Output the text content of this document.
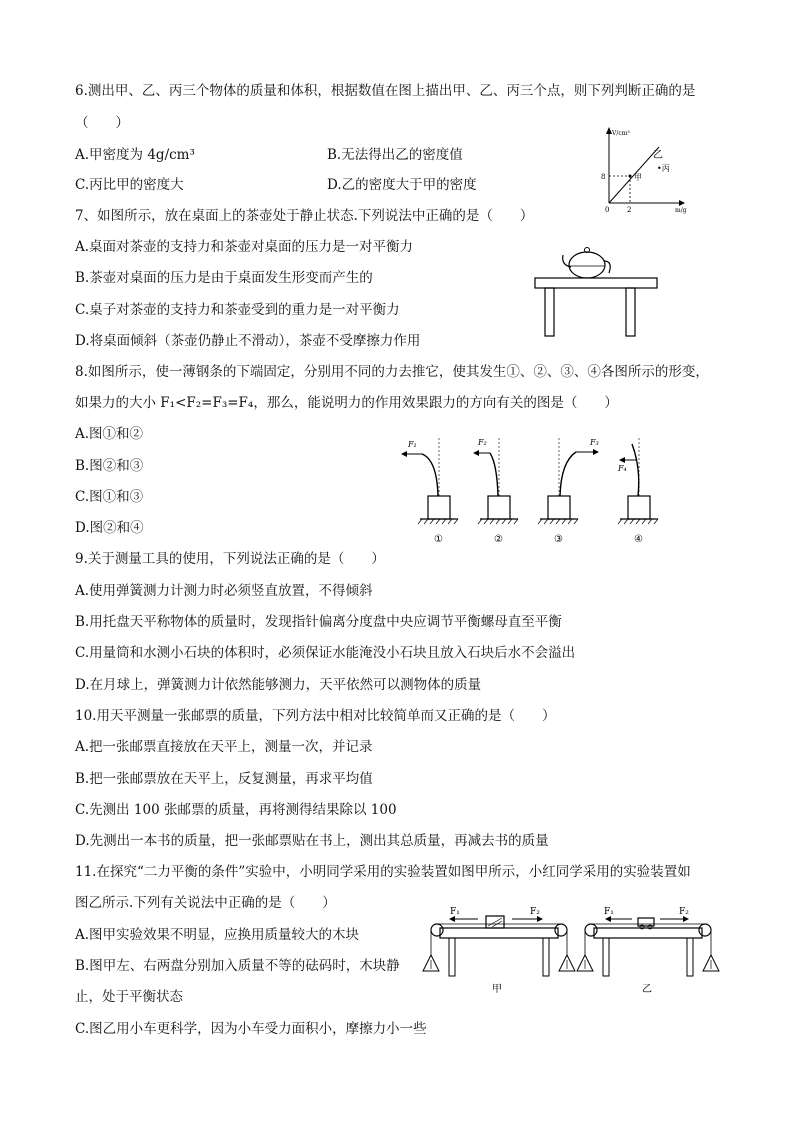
6.测出甲、乙、丙三个物体的质量和体积，根据数值在图上描出甲、乙、丙三个点，则下列判断正确的是
（　　）
A.甲密度为 4g/cm³	B.无法得出乙的密度值
C.丙比甲的密度大	D.乙的密度大于甲的密度
V/cm³
m/g
8
2
0
甲
乙
•丙
7、如图所示，放在桌面上的茶壶处于静止状态.下列说法中正确的是（　　）
A.桌面对茶壶的支持力和茶壶对桌面的压力是一对平衡力
B.茶壶对桌面的压力是由于桌面发生形变而产生的
C.桌子对茶壶的支持力和茶壶受到的重力是一对平衡力
D.将桌面倾斜（茶壶仍静止不滑动），茶壶不受摩擦力作用
8.如图所示，使一薄钢条的下端固定，分别用不同的力去推它，使其发生①、②、③、④各图所示的形变，
如果力的大小 F₁<F₂=F₃=F₄，那么，能说明力的作用效果跟力的方向有关的图是（　　）
A.图①和②
B.图②和③
C.图①和③
D.图②和④
F₁
①
F₂
②
F₃
③
F₄
④
9.关于测量工具的使用，下列说法正确的是（　　）
A.使用弹簧测力计测力时必须竖直放置，不得倾斜
B.用托盘天平称物体的质量时，发现指针偏离分度盘中央应调节平衡螺母直至平衡
C.用量筒和水测小石块的体积时，必须保证水能淹没小石块且放入石块后水不会溢出
D.在月球上，弹簧测力计依然能够测力，天平依然可以测物体的质量
10.用天平测量一张邮票的质量，下列方法中相对比较简单而又正确的是（　　）
A.把一张邮票直接放在天平上，测量一次，并记录
B.把一张邮票放在天平上，反复测量，再求平均值
C.先测出 100 张邮票的质量，再将测得结果除以 100
D.先测出一本书的质量，把一张邮票贴在书上，测出其总质量，再减去书的质量
11.在探究“二力平衡的条件”实验中，小明同学采用的实验装置如图甲所示，小红同学采用的实验装置如
图乙所示.下列有关说法中正确的是（　　）
A.图甲实验效果不明显，应换用质量较大的木块
B.图甲左、右两盘分别加入质量不等的砝码时，木块静
止，处于平衡状态
C.图乙用小车更科学，因为小车受力面积小，摩擦力小一些
F₁	F₂
甲
F₁	F₂
乙
